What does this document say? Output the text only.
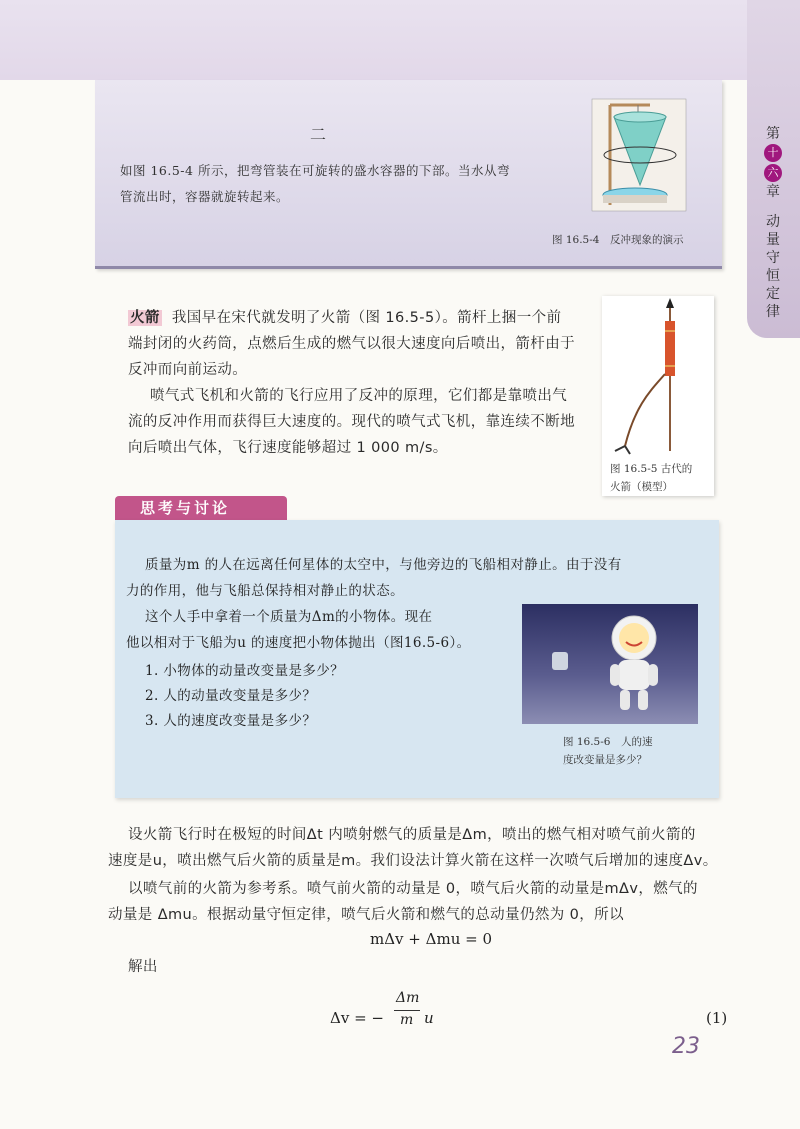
第
十
六
章
动
量
守
恒
定
律
二
如图 16.5-4 所示，把弯管装在可旋转的盛水容器的下部。当水从弯
管流出时，容器就旋转起来。
图 16.5-4　反冲现象的演示
火箭 我国早在宋代就发明了火箭（图 16.5-5）。箭杆上捆一个前
端封闭的火药筒，点燃后生成的燃气以很大速度向后喷出，箭杆由于
反冲而向前运动。
喷气式飞机和火箭的飞行应用了反冲的原理，它们都是靠喷出气
流的反冲作用而获得巨大速度的。现代的喷气式飞机，靠连续不断地
向后喷出气体，飞行速度能够超过 1 000 m/s。
图 16.5-5 古代的
火箭（模型）
思考与讨论
质量为m 的人在远离任何星体的太空中，与他旁边的飞船相对静止。由于没有
力的作用，他与飞船总保持相对静止的状态。
这个人手中拿着一个质量为Δm的小物体。现在
他以相对于飞船为u 的速度把小物体抛出（图16.5-6）。
1. 小物体的动量改变量是多少？
2. 人的动量改变量是多少？
3. 人的速度改变量是多少？
图 16.5-6　人的速
度改变量是多少？
设火箭飞行时在极短的时间Δt 内喷射燃气的质量是Δm，喷出的燃气相对喷气前火箭的
速度是u，喷出燃气后火箭的质量是m。我们设法计算火箭在这样一次喷气后增加的速度Δv。
以喷气前的火箭为参考系。喷气前火箭的动量是 0，喷气后火箭的动量是mΔv，燃气的
动量是 Δmu。根据动量守恒定律，喷气后火箭和燃气的总动量仍然为 0，所以
mΔv + Δmu = 0
解出
Δv = −
Δm
m u	(1)
23
